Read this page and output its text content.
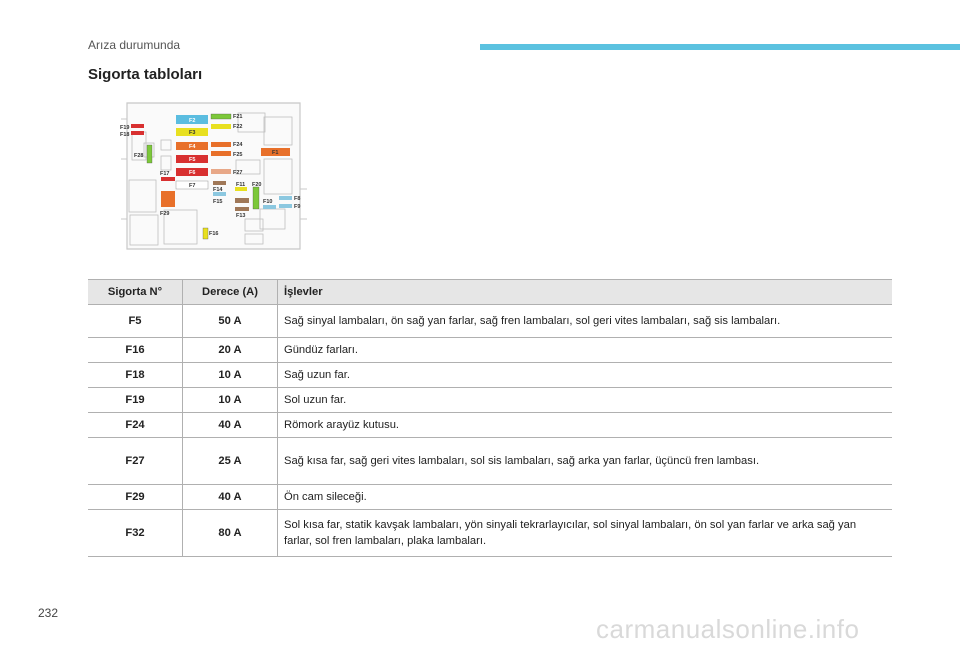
Arıza durumunda
Sigorta tabloları
F19
F18
F28
F2
F3
F4
F5
F6
F7
F21
F22
F24
F25
F27
F1
F17
F29
F14
F15
F11 F20
F13
F10	F8
F9
F16
Sigorta N°	Derece (A)	İşlevler
F5	50 A	Sağ sinyal lambaları, ön sağ yan farlar, sağ fren lambaları, sol geri vites lambaları, sağ sis lambaları.
F16	20 A	Gündüz farları.
F18	10 A	Sağ uzun far.
F19	10 A	Sol uzun far.
F24	40 A	Römork arayüz kutusu.
F27	25 A	Sağ kısa far, sağ geri vites lambaları, sol sis lambaları, sağ arka yan farlar, üçüncü fren lambası.
F29	40 A	Ön cam sileceği.
F32	80 A	Sol kısa far, statik kavşak lambaları, yön sinyali tekrarlayıcılar, sol sinyal lambaları, ön sol yan farlar ve arka sağ yan farlar, sol fren lambaları, plaka lambaları.
232
carmanualsonline.info
